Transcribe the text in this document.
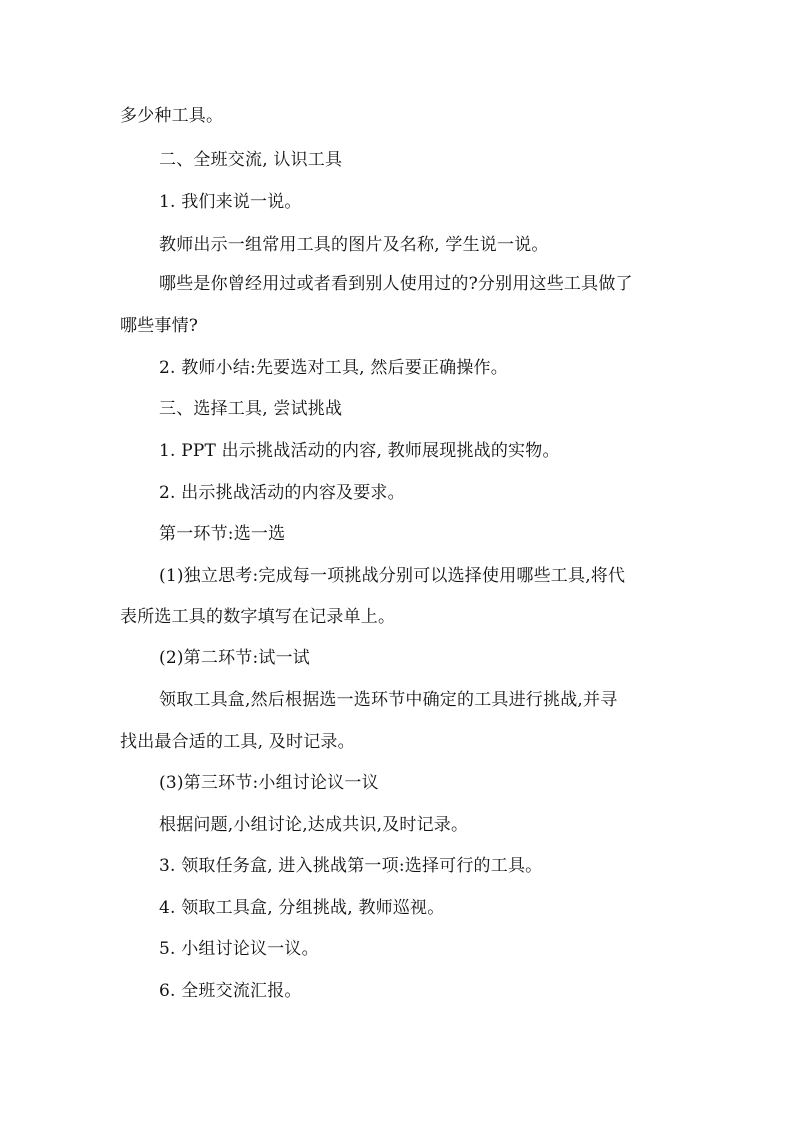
多少种工具。
二、全班交流, 认识工具
1. 我们来说一说。
教师出示一组常用工具的图片及名称, 学生说一说。
哪些是你曾经用过或者看到别人使用过的?分别用这些工具做了
哪些事情?
2. 教师小结:先要选对工具, 然后要正确操作。
三、选择工具, 尝试挑战
1. PPT 出示挑战活动的内容, 教师展现挑战的实物。
2. 出示挑战活动的内容及要求。
第一环节:选一选
(1)独立思考:完成每一项挑战分别可以选择使用哪些工具,将代
表所选工具的数字填写在记录单上。
(2)第二环节:试一试
领取工具盒,然后根据选一选环节中确定的工具进行挑战,并寻
找出最合适的工具, 及时记录。
(3)第三环节:小组讨论议一议
根据问题,小组讨论,达成共识,及时记录。
3. 领取任务盒, 进入挑战第一项:选择可行的工具。
4. 领取工具盒, 分组挑战, 教师巡视。
5. 小组讨论议一议。
6. 全班交流汇报。
